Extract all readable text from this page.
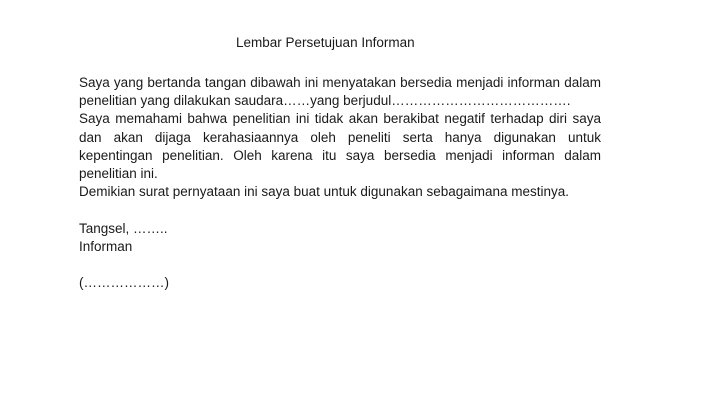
Lembar Persetujuan Informan

Saya yang bertanda tangan dibawah ini menyatakan bersedia menjadi informan dalam penelitian yang dilakukan saudara……yang berjudul………………………………….

Saya memahami bahwa penelitian ini tidak akan berakibat negatif terhadap diri saya dan akan dijaga kerahasiaannya oleh peneliti serta hanya digunakan untuk kepentingan penelitian. Oleh karena itu saya bersedia menjadi informan dalam penelitian ini.

Demikian surat pernyataan ini saya buat untuk digunakan sebagaimana mestinya.

Tangsel, ……..

Informan

(………………)
